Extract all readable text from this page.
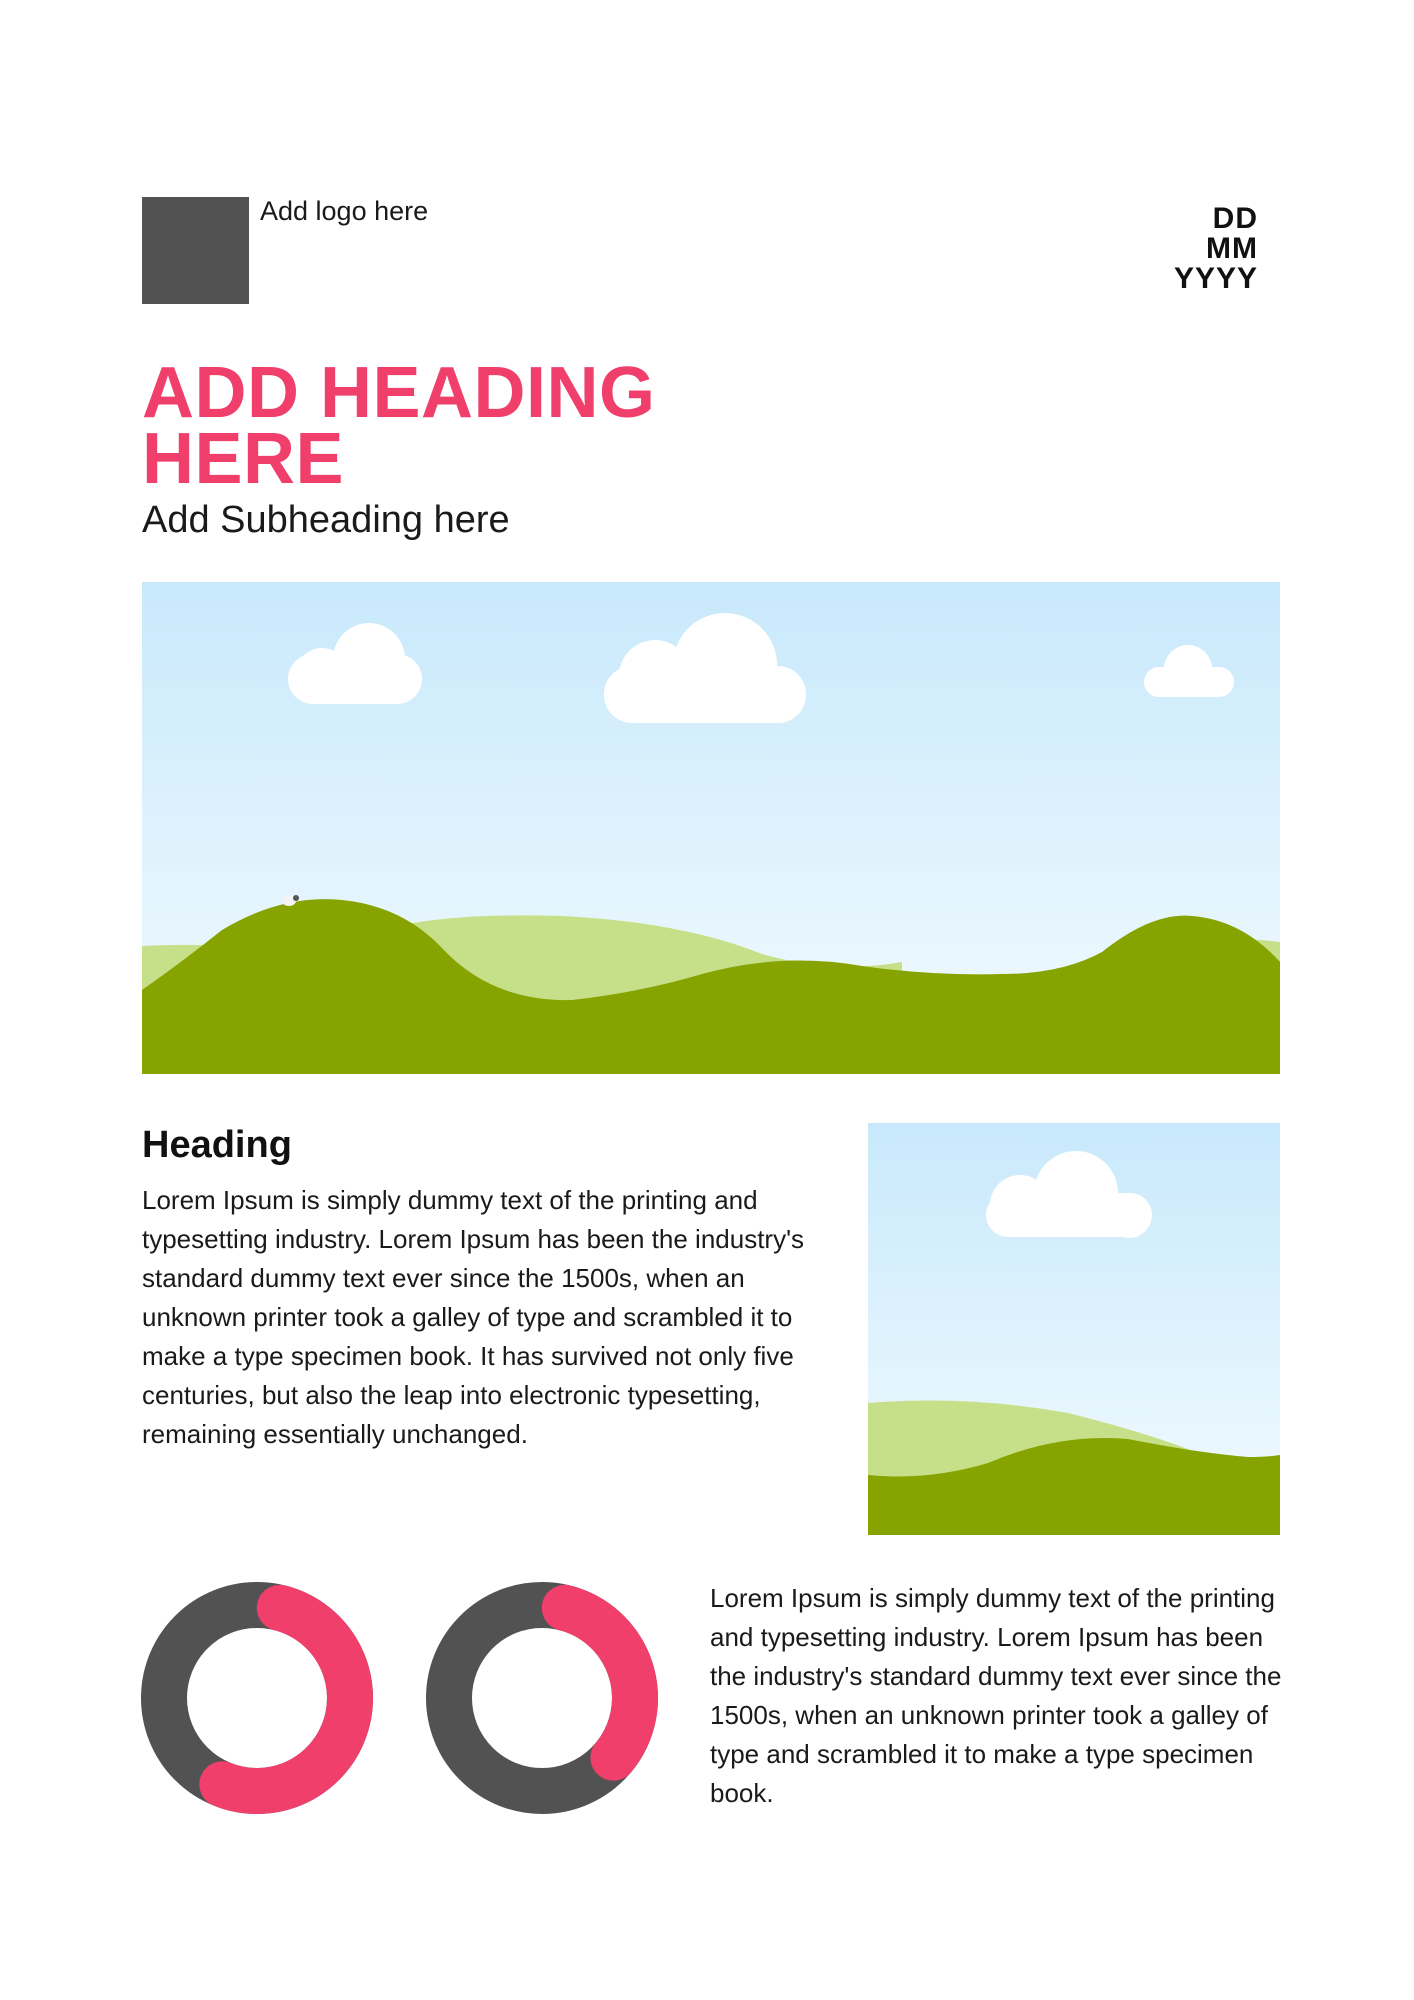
Add logo here	DD
MM
YYYY
ADD HEADING
HERE
Add Subheading here
Heading
Lorem Ipsum is simply dummy text of the printing and typesetting industry. Lorem Ipsum has been the industry's standard dummy text ever since the 1500s, when an unknown printer took a galley of type and scrambled it to make a type specimen book. It has survived not only five centuries, but also the leap into electronic typesetting, remaining essentially unchanged.
Lorem Ipsum is simply dummy text of the printing and typesetting industry. Lorem Ipsum has been the industry's standard dummy text ever since the 1500s, when an unknown printer took a galley of type and scrambled it to make a type specimen book.
